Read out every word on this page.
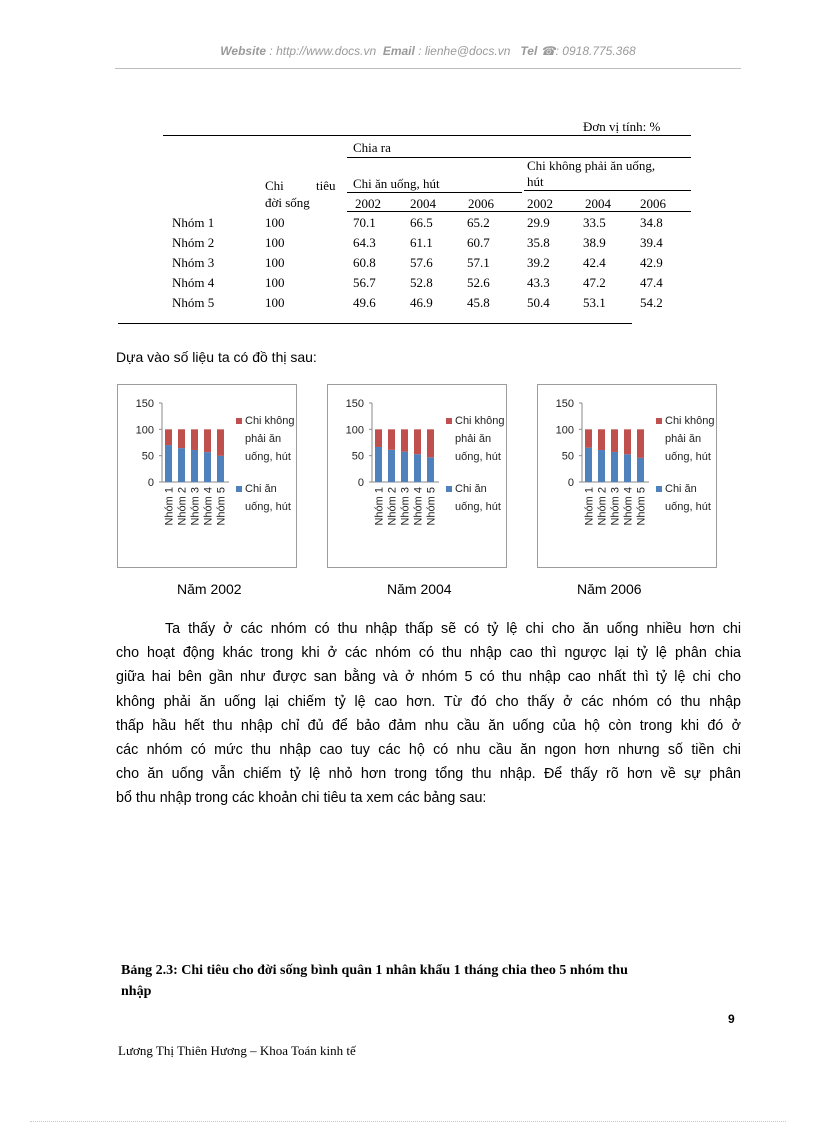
Website : http://www.docs.vn Email : lienhe@docs.vn Tel ☎: 0918.775.368
Đơn vị tính: %
Chia ra
Chi không phải ăn uống,
hút
Chi tiêu
đời sống
Chi ăn uống, hút
2002 2004 2006	2002 2004 2006
Nhóm 1	100	70.1	66.5	65.2	29.9	33.5	34.8
Nhóm 2	100	64.3	61.1	60.7	35.8	38.9	39.4
Nhóm 3	100	60.8	57.6	57.1	39.2	42.4	42.9
Nhóm 4	100	56.7	52.8	52.6	43.3	47.2	47.4
Nhóm 5	100	49.6	46.9	45.8	50.4	53.1	54.2
Dựa vào số liệu ta có đồ thị sau:
0
50
100
150
Nhóm 1 Nhóm 2 Nhóm 3 Nhóm 4 Nhóm 5
Chi không
phải ăn
uống, hút
Chi ăn
uống, hút
0
50
100
150
Nhóm 1 Nhóm 2 Nhóm 3 Nhóm 4 Nhóm 5
Chi không
phải ăn
uống, hút
Chi ăn
uống, hút
0
50
100
150
Nhóm 1 Nhóm 2 Nhóm 3 Nhóm 4 Nhóm 5
Chi không
phải ăn
uống, hút
Chi ăn
uống, hút
Năm 2002	Năm 2004	Năm 2006
Ta thấy ở các nhóm có thu nhập thấp sẽ có tỷ lệ chi cho ăn uống nhiều hơn chi
cho hoạt động khác trong khi ở các nhóm có thu nhập cao thì ngược lại tỷ lệ phân chia
giữa hai bên gần như được san bằng và ở nhóm 5 có thu nhập cao nhất thì tỷ lệ chi cho
không phải ăn uống lại chiếm tỷ lệ cao hơn. Từ đó cho thấy ở các nhóm có thu nhập
thấp hầu hết thu nhập chỉ đủ để bảo đảm nhu cầu ăn uống của hộ còn trong khi đó ở
các nhóm có mức thu nhập cao tuy các hộ có nhu cầu ăn ngon hơn nhưng số tiền chi
cho ăn uống vẫn chiếm tỷ lệ nhỏ hơn trong tổng thu nhập. Để thấy rõ hơn về sự phân
bổ thu nhập trong các khoản chi tiêu ta xem các bảng sau:
Bảng 2.3: Chi tiêu cho đời sống bình quân 1 nhân khẩu 1 tháng chia theo 5 nhóm thu
nhập
9
Lương Thị Thiên Hương – Khoa Toán kinh tế
